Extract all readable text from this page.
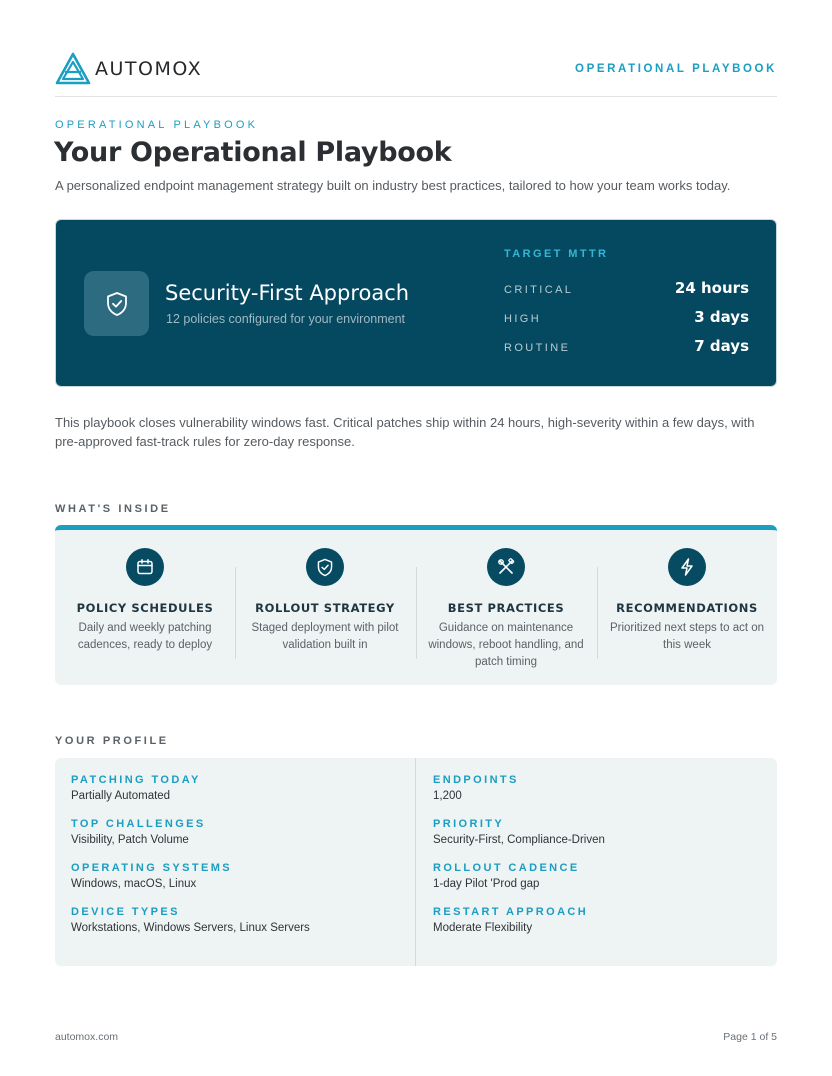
AUTOMOX	OPERATIONAL PLAYBOOK
OPERATIONAL PLAYBOOK
Your Operational Playbook
A personalized endpoint management strategy built on industry best practices, tailored to how your team works today.
Security-First Approach
12 policies configured for your environment
TARGET MTTR
CRITICAL	24 hours
HIGH	3 days
ROUTINE	7 days
This playbook closes vulnerability windows fast. Critical patches ship within 24 hours, high-severity within a few days, with pre-approved fast-track rules for zero-day response.
WHAT'S INSIDE
POLICY SCHEDULES
Daily and weekly patching cadences, ready to deploy
ROLLOUT STRATEGY
Staged deployment with pilot validation built in
BEST PRACTICES
Guidance on maintenance windows, reboot handling, and patch timing
RECOMMENDATIONS
Prioritized next steps to act on this week
YOUR PROFILE
PATCHING TODAY
Partially Automated
TOP CHALLENGES
Visibility, Patch Volume
OPERATING SYSTEMS
Windows, macOS, Linux
DEVICE TYPES
Workstations, Windows Servers, Linux Servers
ENDPOINTS
1,200
PRIORITY
Security-First, Compliance-Driven
ROLLOUT CADENCE
1-day Pilot 'Prod gap
RESTART APPROACH
Moderate Flexibility
automox.com	Page 1 of 5
